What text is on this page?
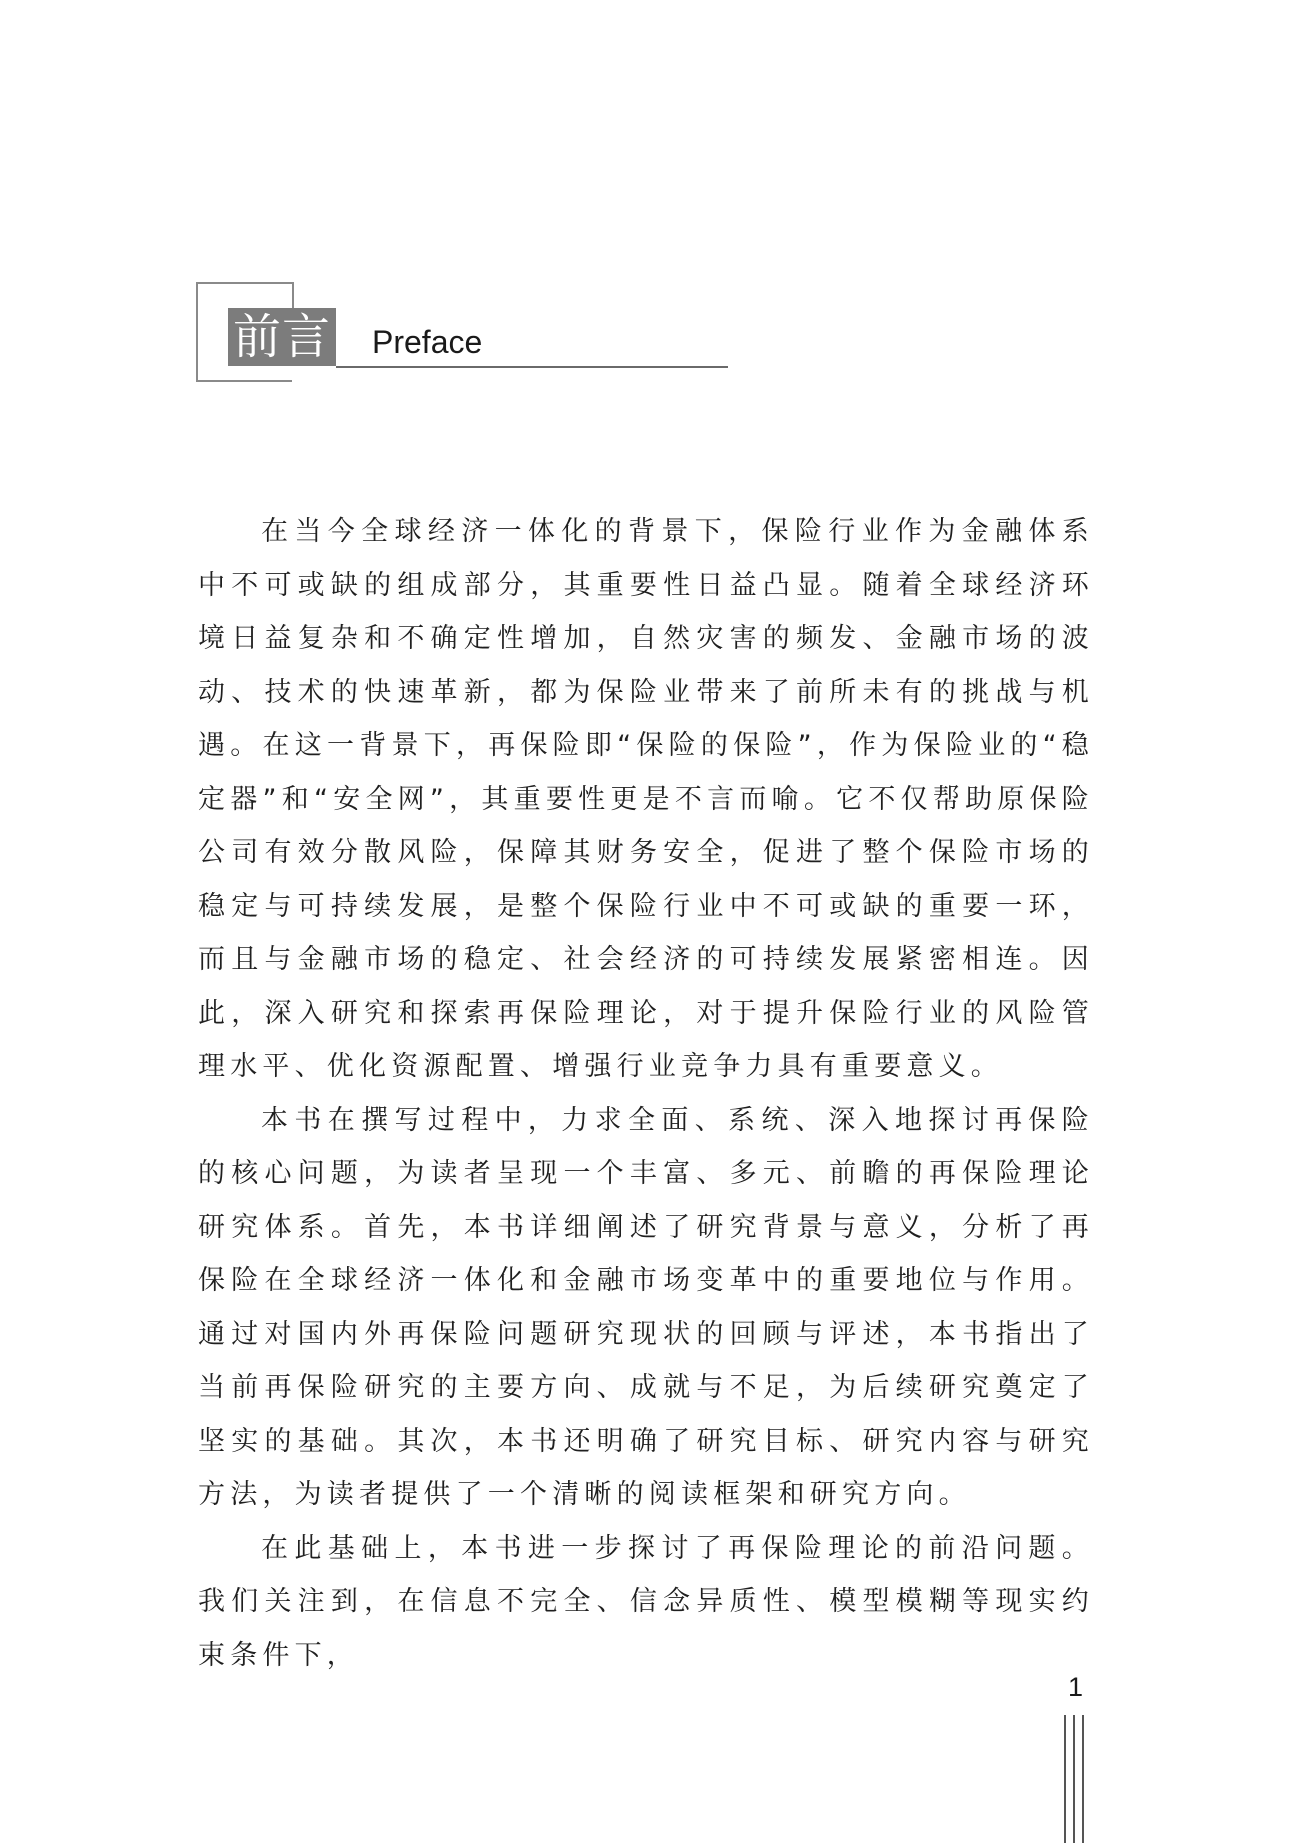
前言 Preface

在当今全球经济一体化的背景下，保险行业作为金融体系中不可或缺的组成部分，其重要性日益凸显。随着全球经济环境日益复杂和不确定性增加，自然灾害的频发、金融市场的波动、技术的快速革新，都为保险业带来了前所未有的挑战与机遇。在这一背景下，再保险即“保险的保险”，作为保险业的“稳定器”和“安全网”，其重要性更是不言而喻。它不仅帮助原保险公司有效分散风险，保障其财务安全，促进了整个保险市场的稳定与可持续发展，是整个保险行业中不可或缺的重要一环，而且与金融市场的稳定、社会经济的可持续发展紧密相连。因此，深入研究和探索再保险理论，对于提升保险行业的风险管理水平、优化资源配置、增强行业竞争力具有重要意义。

本书在撰写过程中，力求全面、系统、深入地探讨再保险的核心问题，为读者呈现一个丰富、多元、前瞻的再保险理论研究体系。首先，本书详细阐述了研究背景与意义，分析了再保险在全球经济一体化和金融市场变革中的重要地位与作用。通过对国内外再保险问题研究现状的回顾与评述，本书指出了当前再保险研究的主要方向、成就与不足，为后续研究奠定了坚实的基础。其次，本书还明确了研究目标、研究内容与研究方法，为读者提供了一个清晰的阅读框架和研究方向。

在此基础上，本书进一步探讨了再保险理论的前沿问题。我们关注到，在信息不完全、信念异质性、模型模糊等现实约束条件下，

1
